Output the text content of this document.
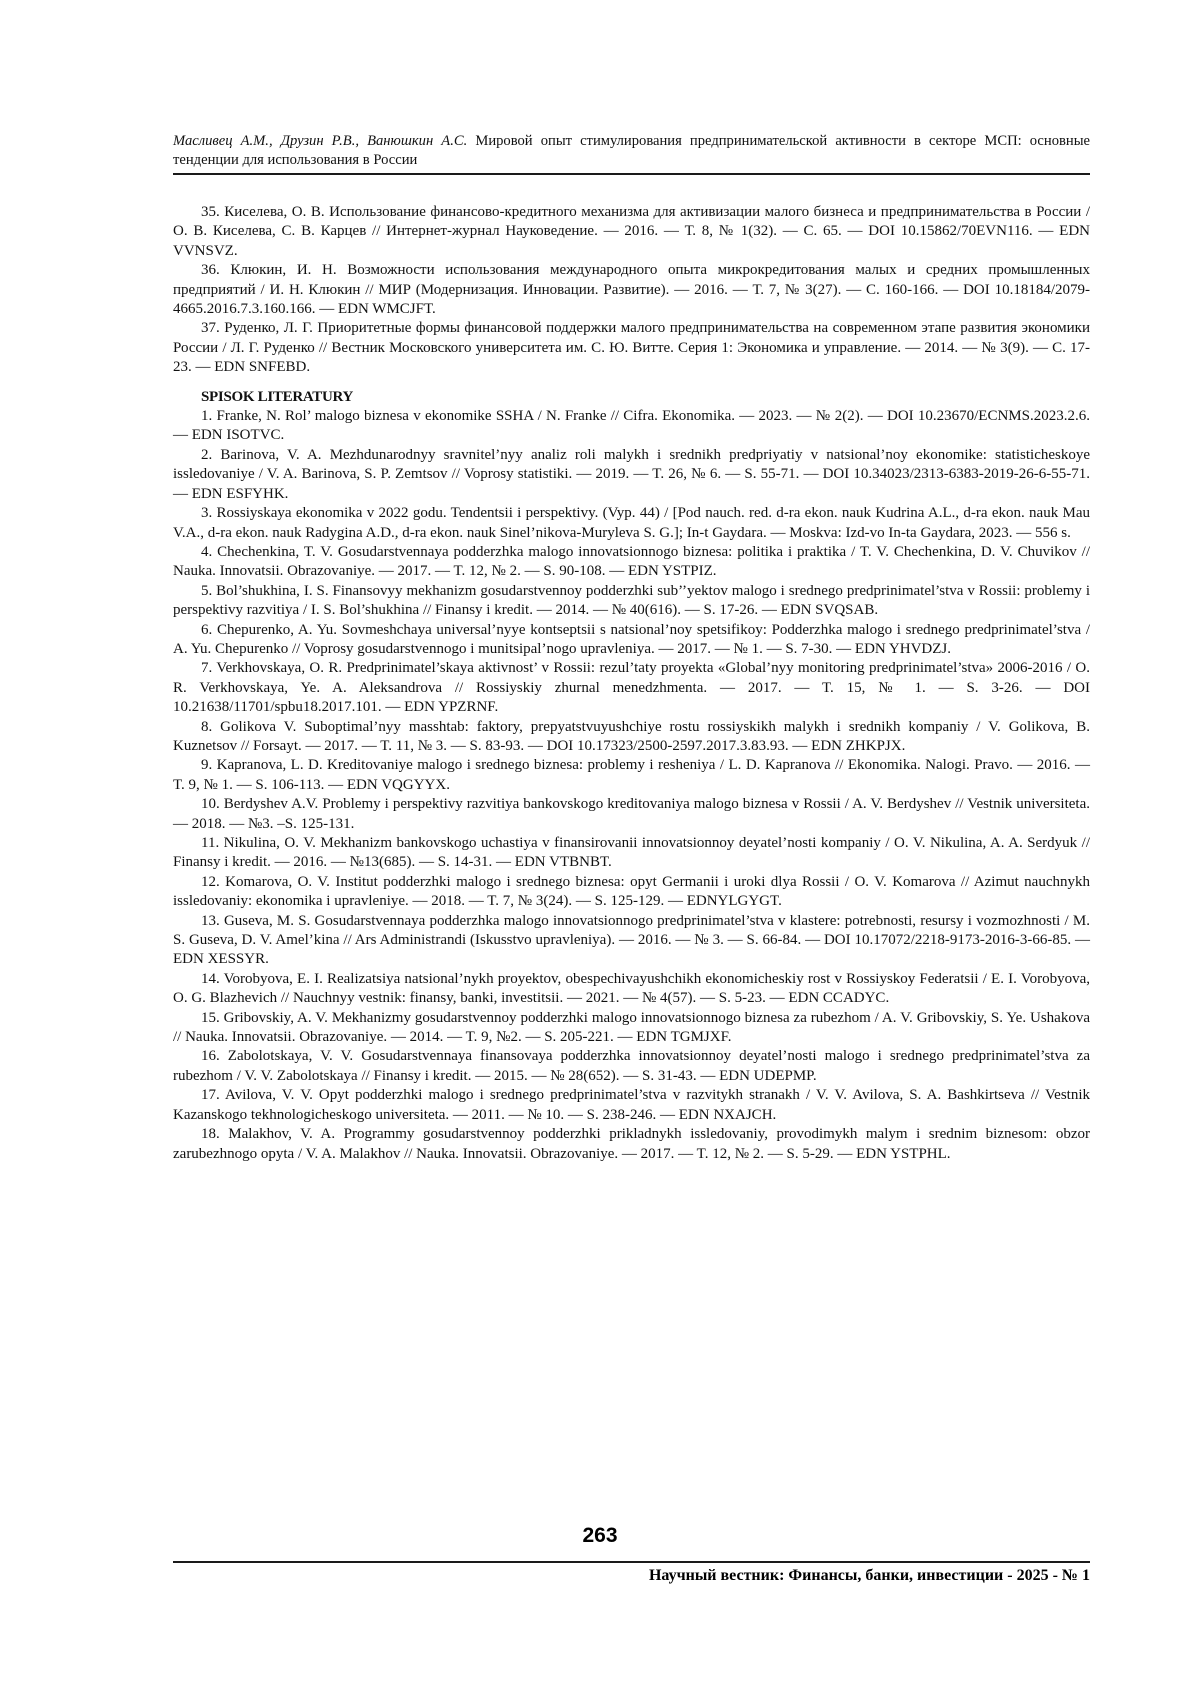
Масливец А.М., Друзин Р.В., Ванюшкин А.С. Мировой опыт стимулирования предпринимательской активности в секторе МСП: основные тенденции для использования в России

35. Киселева, О. В. Использование финансово-кредитного механизма для активизации малого бизнеса и предпринимательства в России / О. В. Киселева, С. В. Карцев // Интернет-журнал Науковедение. — 2016. — Т. 8, № 1(32). — С. 65. — DOI 10.15862/70EVN116. — EDN VVNSVZ.

36. Клюкин, И. Н. Возможности использования международного опыта микрокредитования малых и средних промышленных предприятий / И. Н. Клюкин // МИР (Модернизация. Инновации. Развитие). — 2016. — Т. 7, № 3(27). — С. 160-166. — DOI 10.18184/2079-4665.2016.7.3.160.166. — EDN WMCJFT.

37. Руденко, Л. Г. Приоритетные формы финансовой поддержки малого предпринимательства на современном этапе развития экономики России / Л. Г. Руденко // Вестник Московского университета им. С. Ю. Витте. Серия 1: Экономика и управление. — 2014. — № 3(9). — С. 17-23. — EDN SNFEBD.

SPISOK LITERATURY

1. Franke, N. Rol’ malogo biznesa v ekonomike SSHA / N. Franke // Cifra. Ekonomika. — 2023. — № 2(2). — DOI 10.23670/ECNMS.2023.2.6. — EDN ISOTVC.

2. Barinova, V. A. Mezhdunarodnyy sravnitel’nyy analiz roli malykh i srednikh predpriyatiy v natsional’noy ekonomike: statisticheskoye issledovaniye / V. A. Barinova, S. P. Zemtsov // Voprosy statistiki. — 2019. — T. 26, № 6. — S. 55-71. — DOI 10.34023/2313-6383-2019-26-6-55-71. — EDN ESFYHK.

3. Rossiyskaya ekonomika v 2022 godu. Tendentsii i perspektivy. (Vyp. 44) / [Pod nauch. red. d-ra ekon. nauk Kudrina A.L., d-ra ekon. nauk Mau V.A., d-ra ekon. nauk Radygina A.D., d-ra ekon. nauk Sinel’nikova-Muryleva S. G.]; In-t Gaydara. — Moskva: Izd-vo In-ta Gaydara, 2023. — 556 s.

4. Chechenkina, T. V. Gosudarstvennaya podderzhka malogo innovatsionnogo biznesa: politika i praktika / T. V. Chechenkina, D. V. Chuvikov // Nauka. Innovatsii. Obrazovaniye. — 2017. — T. 12, № 2. — S. 90-108. — EDN YSTPIZ.

5. Bol’shukhina, I. S. Finansovyy mekhanizm gosudarstvennoy podderzhki sub’’yektov malogo i srednego predprinimatel’stva v Rossii: problemy i perspektivy razvitiya / I. S. Bol’shukhina // Finansy i kredit. — 2014. — № 40(616). — S. 17-26. — EDN SVQSAB.

6. Chepurenko, A. Yu. Sovmeshchaya universal’nyye kontseptsii s natsional’noy spetsifikoy: Podderzhka malogo i srednego predprinimatel’stva / A. Yu. Chepurenko // Voprosy gosudarstvennogo i munitsipal’nogo upravleniya. — 2017. — № 1. — S. 7-30. — EDN YHVDZJ.

7. Verkhovskaya, O. R. Predprinimatel’skaya aktivnost’ v Rossii: rezul’taty proyekta «Global’nyy monitoring predprinimatel’stva» 2006-2016 / O. R. Verkhovskaya, Ye. A. Aleksandrova // Rossiyskiy zhurnal menedzhmenta. — 2017. — T. 15, № 1. — S. 3-26. — DOI 10.21638/11701/spbu18.2017.101. — EDN YPZRNF.

8. Golikova V. Suboptimal’nyy masshtab: faktory, prepyatstvuyushchiye rostu rossiyskikh malykh i srednikh kompaniy / V. Golikova, B. Kuznetsov // Forsayt. — 2017. — T. 11, № 3. — S. 83-93. — DOI 10.17323/2500-2597.2017.3.83.93. — EDN ZHKPJX.

9. Kapranova, L. D. Kreditovaniye malogo i srednego biznesa: problemy i resheniya / L. D. Kapranova // Ekonomika. Nalogi. Pravo. — 2016. — T. 9, № 1. — S. 106-113. — EDN VQGYYX.

10. Berdyshev A.V. Problemy i perspektivy razvitiya bankovskogo kreditovaniya malogo biznesa v Rossii / A. V. Berdyshev // Vestnik universiteta. — 2018. — №3. –S. 125-131.

11. Nikulina, O. V. Mekhanizm bankovskogo uchastiya v finansirovanii innovatsionnoy deyatel’nosti kompaniy / O. V. Nikulina, A. A. Serdyuk // Finansy i kredit. — 2016. — №13(685). — S. 14-31. — EDN VTBNBT.

12. Komarova, O. V. Institut podderzhki malogo i srednego biznesa: opyt Germanii i uroki dlya Rossii / O. V. Komarova // Azimut nauchnykh issledovaniy: ekonomika i upravleniye. — 2018. — T. 7, № 3(24). — S. 125-129. — EDNYLGYGT.

13. Guseva, M. S. Gosudarstvennaya podderzhka malogo innovatsionnogo predprinimatel’stva v klastere: potrebnosti, resursy i vozmozhnosti / M. S. Guseva, D. V. Amel’kina // Ars Administrandi (Iskusstvo upravleniya). — 2016. — № 3. — S. 66-84. — DOI 10.17072/2218-9173-2016-3-66-85. — EDN XESSYR.

14. Vorobyova, E. I. Realizatsiya natsional’nykh proyektov, obespechivayushchikh ekonomicheskiy rost v Rossiyskoy Federatsii / E. I. Vorobyova, O. G. Blazhevich // Nauchnyy vestnik: finansy, banki, investitsii. — 2021. — № 4(57). — S. 5-23. — EDN CCADYC.

15. Gribovskiy, A. V. Mekhanizmy gosudarstvennoy podderzhki malogo innovatsionnogo biznesa za rubezhom / A. V. Gribovskiy, S. Ye. Ushakova // Nauka. Innovatsii. Obrazovaniye. — 2014. — T. 9, №2. — S. 205-221. — EDN TGMJXF.

16. Zabolotskaya, V. V. Gosudarstvennaya finansovaya podderzhka innovatsionnoy deyatel’nosti malogo i srednego predprinimatel’stva za rubezhom / V. V. Zabolotskaya // Finansy i kredit. — 2015. — № 28(652). — S. 31-43. — EDN UDEPMP.

17. Avilova, V. V. Opyt podderzhki malogo i srednego predprinimatel’stva v razvitykh stranakh / V. V. Avilova, S. A. Bashkirtseva // Vestnik Kazanskogo tekhnologicheskogo universiteta. — 2011. — № 10. — S. 238-246. — EDN NXAJCH.

18. Malakhov, V. A. Programmy gosudarstvennoy podderzhki prikladnykh issledovaniy, provodimykh malym i srednim biznesom: obzor zarubezhnogo opyta / V. A. Malakhov // Nauka. Innovatsii. Obrazovaniye. — 2017. — T. 12, № 2. — S. 5-29. — EDN YSTPHL.

263
Научный вестник: Финансы, банки, инвестиции - 2025 - № 1
